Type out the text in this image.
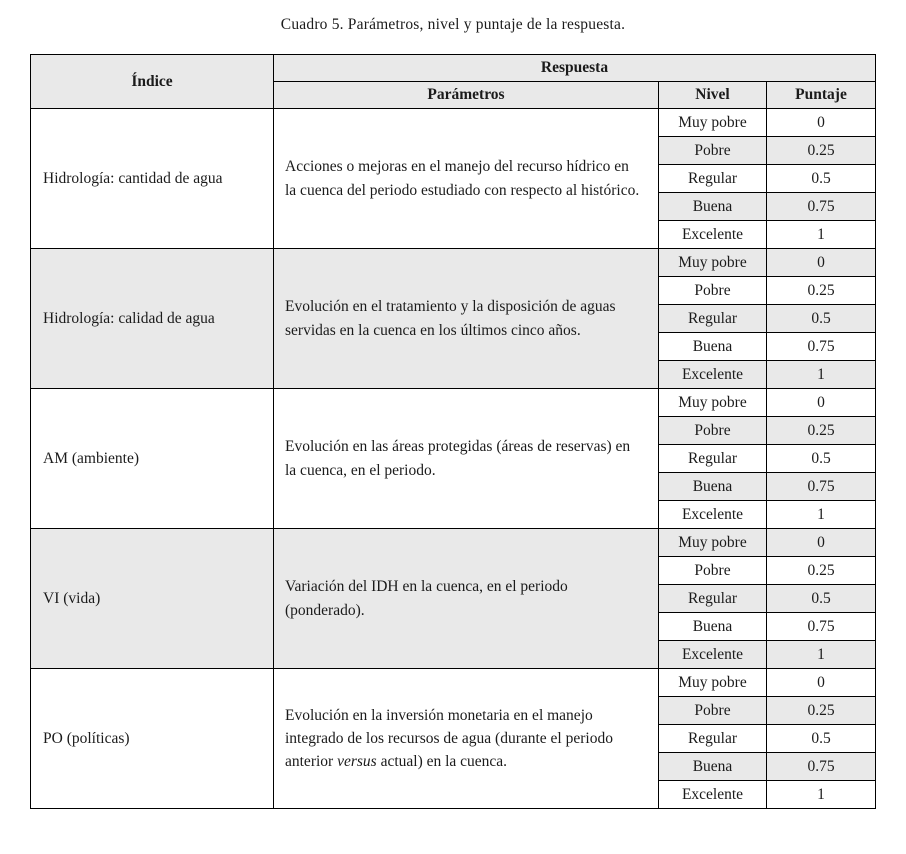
Cuadro 5. Parámetros, nivel y puntaje de la respuesta.
Índice	Respuesta		
	Parámetros	Nivel	Puntaje
Hidrología: cantidad de agua	Acciones o mejoras en el manejo del recurso hídrico en la cuenca del periodo estudiado con respecto al histórico.	Muy pobre	0
		Pobre	0.25
		Regular	0.5
		Buena	0.75
		Excelente	1
Hidrología: calidad de agua	Evolución en el tratamiento y la disposición de aguas servidas en la cuenca en los últimos cinco años.	Muy pobre	0
		Pobre	0.25
		Regular	0.5
		Buena	0.75
		Excelente	1
AM (ambiente)	Evolución en las áreas protegidas (áreas de reservas) en la cuenca, en el periodo.	Muy pobre	0
		Pobre	0.25
		Regular	0.5
		Buena	0.75
		Excelente	1
VI (vida)	Variación del IDH en la cuenca, en el periodo (ponderado).	Muy pobre	0
		Pobre	0.25
		Regular	0.5
		Buena	0.75
		Excelente	1
PO (políticas)	Evolución en la inversión monetaria en el manejo integrado de los recursos de agua (durante el periodo anterior versus actual) en la cuenca.	Muy pobre	0
		Pobre	0.25
		Regular	0.5
		Buena	0.75
		Excelente	1
